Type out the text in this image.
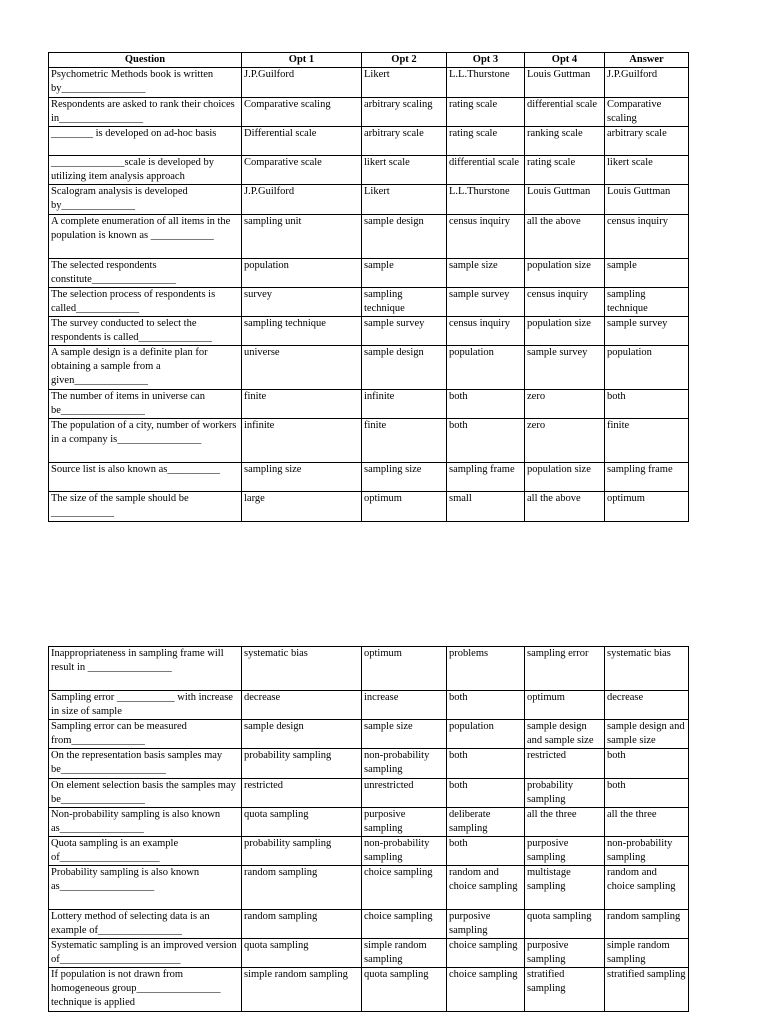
Question	Opt 1	Opt 2	Opt 3	Opt 4	Answer
Psychometric Methods book is written by________________	J.P.Guilford	Likert	L.L.Thurstone	Louis Guttman	J.P.Guilford
Respondents are asked to rank their choices in________________	Comparative scaling	arbitrary scaling	rating scale	differential scale	Comparative scaling
________ is developed on ad-hoc basis	Differential scale	arbitrary scale	rating scale	ranking scale	arbitrary scale
______________scale is developed by utilizing item analysis approach	Comparative scale	likert scale	differential scale	rating scale	likert scale
Scalogram analysis is developed by______________	J.P.Guilford	Likert	L.L.Thurstone	Louis Guttman	Louis Guttman
A complete enumeration of all items in the population is known as ____________	sampling unit	sample design	census inquiry	all the above	census inquiry
The selected respondents constitute________________	population	sample	sample size	population size	sample
The selection process of respondents is called____________	survey	sampling technique	sample survey	census inquiry	sampling technique
The survey conducted to select the respondents is called______________	sampling technique	sample survey	census inquiry	population size	sample survey
A sample design is a definite plan for obtaining a sample from a given______________	universe	sample design	population	sample survey	population
The number of items in universe can be________________	finite	infinite	both	zero	both
The population of a city, number of workers in a company is________________	infinite	finite	both	zero	finite
Source list is also known as__________	sampling size	sampling size	sampling frame	population size	sampling frame
The size of the sample should be ____________	large	optimum	small	all the above	optimum
Inappropriateness in sampling frame will result in ________________	systematic bias	optimum	problems	sampling error	systematic bias
Sampling error ___________ with increase in size of sample	decrease	increase	both	optimum	decrease
Sampling error can be measured from______________	sample design	sample size	population	sample design and sample size	sample design and sample size
On the representation basis samples may be____________________	probability sampling	non-probability sampling	both	restricted	both
On element selection basis the samples may be________________	restricted	unrestricted	both	probability sampling	both
Non-probability sampling is also known as________________	quota sampling	purposive sampling	deliberate sampling	all the three	all the three
Quota sampling is an example of___________________	probability sampling	non-probability sampling	both	purposive sampling	non-probability sampling
Probability sampling is also known as__________________	random sampling	choice sampling	random and choice sampling	multistage sampling	random and choice sampling
Lottery method of selecting data is an example of________________	random sampling	choice sampling	purposive sampling	quota sampling	random sampling
Systematic sampling is an improved version of_______________________	quota sampling	simple random sampling	choice sampling	purposive sampling	simple random sampling
If population is not drawn from homogeneous group________________ technique is applied	simple random sampling	quota sampling	choice sampling	stratified sampling	stratified sampling
